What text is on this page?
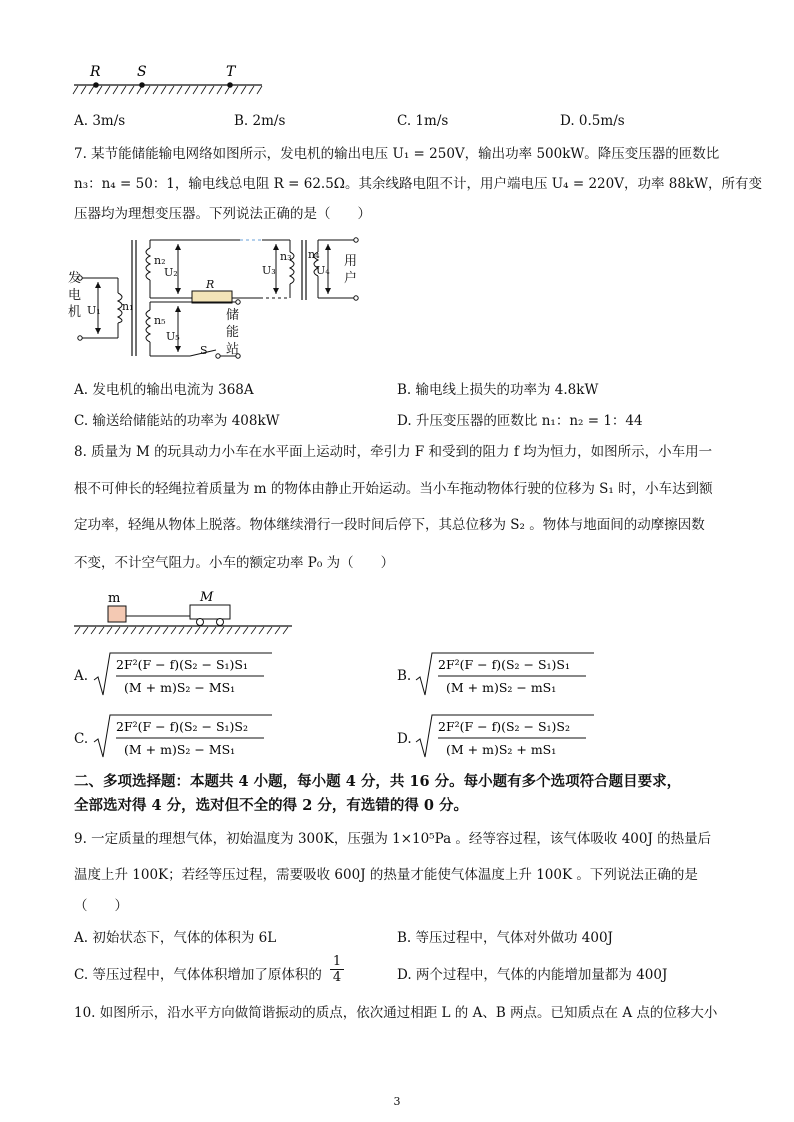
R	S	T
A. 3m/s	B. 2m/s	C. 1m/s	D. 0.5m/s
7. 某节能储能输电网络如图所示，发电机的输出电压 U₁ = 250V，输出功率 500kW。降压变压器的匝数比
n₃：n₄ = 50：1，输电线总电阻 R = 62.5Ω。其余线路电阻不计，用户端电压 U₄ = 220V，功率 88kW，所有变
压器均为理想变压器。下列说法正确的是（　　）
n₂
U₂
n₁
U₁
R
n₃
U₃
n₄
U₄
n₅
U₅
S
发电机
用户
储能站
A. 发电机的输出电流为 368A	B. 输电线上损失的功率为 4.8kW
C. 输送给储能站的功率为 408kW	D. 升压变压器的匝数比 n₁：n₂ = 1：44
8. 质量为 M 的玩具动力小车在水平面上运动时，牵引力 F 和受到的阻力 f 均为恒力，如图所示，小车用一
根不可伸长的轻绳拉着质量为 m 的物体由静止开始运动。当小车拖动物体行驶的位移为 S₁ 时，小车达到额
定功率，轻绳从物体上脱落。物体继续滑行一段时间后停下，其总位移为 S₂ 。物体与地面间的动摩擦因数
不变，不计空气阻力。小车的额定功率 P₀ 为（　　）
m	M
A.
2F²(F − f)(S₂ − S₁)S₁
(M + m)S₂ − MS₁
B.
2F²(F − f)(S₂ − S₁)S₁
(M + m)S₂ − mS₁
C.
2F²(F − f)(S₂ − S₁)S₂
(M + m)S₂ − MS₁
D.
2F²(F − f)(S₂ − S₁)S₂
(M + m)S₂ + mS₁
二、多项选择题：本题共 4 小题，每小题 4 分，共 16 分。每小题有多个选项符合题目要求，
全部选对得 4 分，选对但不全的得 2 分，有选错的得 0 分。
9. 一定质量的理想气体，初始温度为 300K，压强为 1×10⁵Pa 。经等容过程，该气体吸收 400J 的热量后
温度上升 100K；若经等压过程，需要吸收 600J 的热量才能使气体温度上升 100K 。下列说法正确的是
（　　）
A. 初始状态下，气体的体积为 6L	B. 等压过程中，气体对外做功 400J
C. 等压过程中，气体体积增加了原体积的 $\frac{1}{4}$	D. 两个过程中，气体的内能增加量都为 400J
10. 如图所示，沿水平方向做简谐振动的质点，依次通过相距 L 的 A、B 两点。已知质点在 A 点的位移大小
3
